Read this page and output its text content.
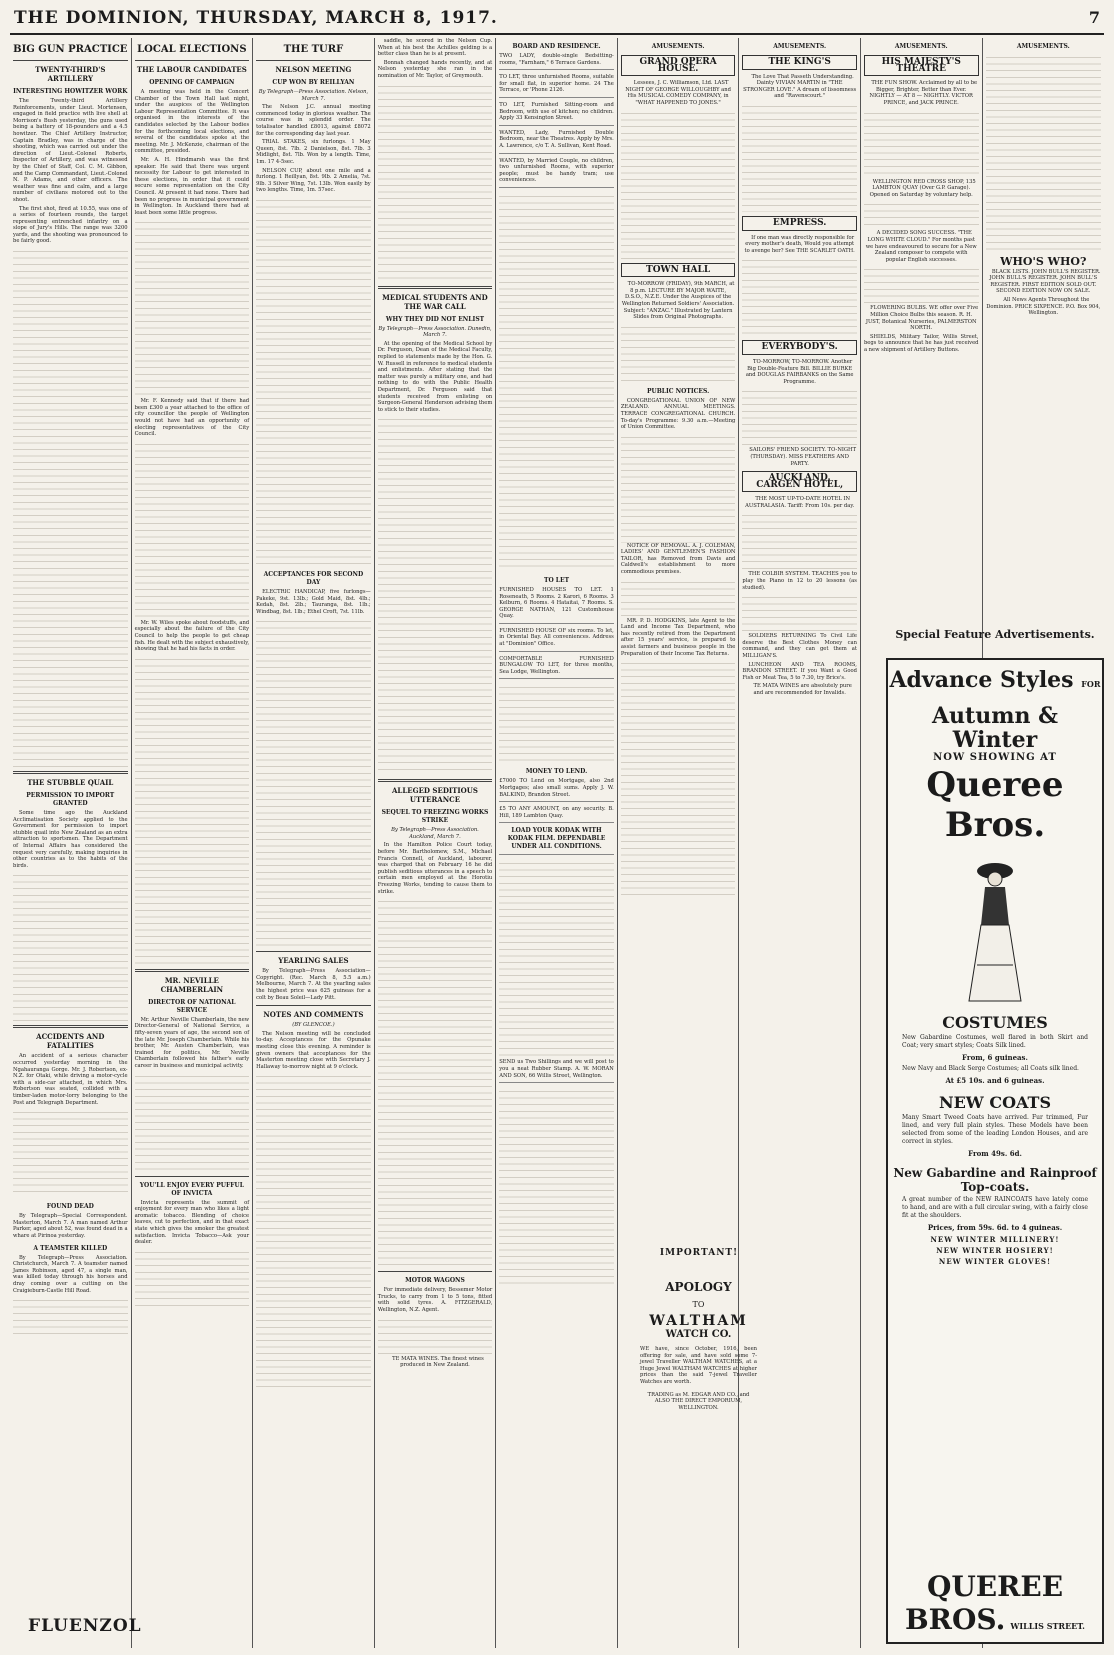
THE DOMINION, THURSDAY, MARCH 8, 1917.	7
BIG GUN PRACTICE
TWENTY-THIRD'S ARTILLERY
INTERESTING HOWITZER WORK

The Twenty-third Artillery Reinforcements, under Lieut. Mortensen, engaged in field practice with live shell at Morrison's Bush yesterday, the guns used being a battery of 18-pounders and a 4.5 howitzer. The Chief Artillery Instructor, Captain Bradley, was in charge of the shooting, which was carried out under the direction of Lieut.-Colonel Roberts, Inspector of Artillery, and was witnessed by the Chief of Staff, Col. C. M. Gibbon, and the Camp Commandant, Lieut.-Colonel N. P. Adams, and other officers. The weather was fine and calm, and a large number of civilians motored out to the shoot.

The first shot, fired at 10.55, was one of a series of fourteen rounds, the target representing entrenched infantry on a slope of Jury's Hills. The range was 3200 yards, and the shooting was pronounced to be fairly good.

THE STUBBLE QUAIL
PERMISSION TO IMPORT GRANTED

Some time ago the Auckland Acclimatisation Society applied to the Government for permission to import stubble quail into New Zealand as an extra attraction to sportsmen. The Department of Internal Affairs has considered the request very carefully, making inquiries in other countries as to the habits of the birds.

ACCIDENTS AND FATALITIES

An accident of a serious character occurred yesterday morning in the Ngahauranga Gorge. Mr. J. Robertson, ex-N.Z. for Otaki, while driving a motor-cycle with a side-car attached, in which Mrs. Robertson was seated, collided with a timber-laden motor-lorry belonging to the Post and Telegraph Department.

FOUND DEAD

By Telegraph—Special Correspondent. Masterton, March 7. A man named Arthur Parker, aged about 52, was found dead in a whare at Pirinoa yesterday.

A TEAMSTER KILLED

By Telegraph—Press Association. Christchurch, March 7. A teamster named James Robinson, aged 47, a single man, was killed today through his horses and dray coming over a cutting on the Craigieburn-Castle Hill Road.

LOCAL ELECTIONS
THE LABOUR CANDIDATES
OPENING OF CAMPAIGN

A meeting was held in the Concert Chamber of the Town Hall last night, under the auspices of the Wellington Labour Representation Committee. It was organised in the interests of the candidates selected by the Labour bodies for the forthcoming local elections, and several of the candidates spoke at the meeting. Mr. J. McKenzie, chairman of the committee, presided.

Mr. A. H. Hindmarsh was the first speaker. He said that there was urgent necessity for Labour to get interested in these elections, in order that it could secure some representation on the City Council. At present it had none. There had been no progress in municipal government in Wellington. In Auckland there had at least been some little progress.

Mr. F. Kennedy said that if there had been £300 a year attached to the office of city councillor the people of Wellington would not have had an opportunity of electing representatives of the City Council.

Mr. W. Wiles spoke about foodstuffs, and especially about the failure of the City Council to help the people to get cheap fish. He dealt with the subject exhaustively, showing that he had his facts in order.

MR. NEVILLE CHAMBERLAIN
DIRECTOR OF NATIONAL SERVICE

Mr. Arthur Neville Chamberlain, the new Director-General of National Service, a fifty-seven years of age, the second son of the late Mr. Joseph Chamberlain. While his brother, Mr. Austen Chamberlain, was trained for politics, Mr. Neville Chamberlain followed his father's early career in business and municipal activity.

YOU'LL ENJOY EVERY PUFFUL OF INVICTA

Invicta represents the summit of enjoyment for every man who likes a light aromatic tobacco. Blending of choice leaves, cut to perfection, and in that exact state which gives the smoker the greatest satisfaction. Invicta Tobacco—Ask your dealer.

THE TURF
NELSON MEETING
CUP WON BY REILLYAN

By Telegraph—Press Association. Nelson, March 7.

The Nelson J.C. annual meeting commenced today in glorious weather. The course was in splendid order. The totalisator handled £8013, against £8072 for the corresponding day last year.

TRIAL STAKES, six furlongs. 1 May Queen, 8st. 7lb. 2 Danielson, 8st. 7lb. 3 Midlight, 8st. 7lb. Won by a length. Time, 1m. 17 4-5sec.

NELSON CUP, about one mile and a furlong. 1 Reillyan, 8st. 9lb. 2 Amelia, 7st. 9lb. 3 Silver Wing, 7st. 13lb. Won easily by two lengths. Time, 1m. 57sec.

ACCEPTANCES FOR SECOND DAY

ELECTRIC HANDICAP, five furlongs—Pakeke, 9st. 13lb.; Gold Maid, 8st. 4lb.; Kedah, 8st. 2lb.; Tauranga, 8st. 1lb.; Windbag, 8st. 1lb.; Ethel Croft, 7st. 11lb.

YEARLING SALES

By Telegraph—Press Association—Copyright. (Rec. March 8, 5.5 a.m.) Melbourne, March 7. At the yearling sales the highest price was 625 guineas for a colt by Beau Soleil—Lady Pitt.

NOTES AND COMMENTS

(BY GLENCOE.)

The Nelson meeting will be concluded to-day. Acceptances for the Opunake meeting close this evening. A reminder is given owners that acceptances for the Masterton meeting close with Secretary J. Hallaway to-morrow night at 9 o'clock.

saddle, he scored in the Nelson Cup. When at his best the Achilles gelding is a better class than he is at present.

Bonnah changed hands recently, and at Nelson yesterday she ran in the nomination of Mr. Taylor, of Greymouth.

MEDICAL STUDENTS AND THE WAR CALL
WHY THEY DID NOT ENLIST

By Telegraph—Press Association. Dunedin, March 7.

At the opening of the Medical School by Dr. Ferguson, Dean of the Medical Faculty, replied to statements made by the Hon. G. W. Russell in reference to medical students and enlistments. After stating that the matter was purely a military one, and had nothing to do with the Public Health Department, Dr. Ferguson said that students received from enlisting on Surgeon-General Henderson advising them to stick to their studies.

ALLEGED SEDITIOUS UTTERANCE
SEQUEL TO FREEZING WORKS STRIKE

By Telegraph—Press Association. Auckland, March 7.

In the Hamilton Police Court today, before Mr. Bartholomew, S.M., Michael Francis Connell, of Auckland, labourer, was charged that on February 16 he did publish seditious utterances in a speech to certain men employed at the Horotiu Freezing Works, tending to cause them to strike.

MOTOR WAGONS

For immediate delivery, Bessemer Motor Trucks, to carry from 1 to 5 tons, fitted with solid tyres. A. FITZGERALD, Wellington, N.Z. Agent.

TE MATA WINES. The finest wines produced in New Zealand.

BOARD AND RESIDENCE.
TWO LADY, double-single Bedsitting-rooms, "Farnham," 6 Terrace Gardens.
TO LET, three unfurnished Rooms, suitable for small flat, in superior home. 24 The Terrace, or 'Phone 2126.
TO LET, Furnished Sitting-room and Bedroom, with use of kitchen; no children. Apply 33 Kensington Street.
WANTED, Lady, Furnished Double Bedroom, near the Theatres. Apply by Mrs. A. Lawrence, c/o T. A. Sullivan, Kent Road.
WANTED, by Married Couple, no children, two unfurnished Rooms, with superior people; must be handy tram; use conveniences.
TO LET
FURNISHED HOUSES TO LET. 1 Roseneath, 5 Rooms. 2 Karori, 6 Rooms. 3 Kelburn, 6 Rooms. 4 Hataitai, 7 Rooms. S. GEORGE NATHAN, 121 Customhouse Quay.
FURNISHED HOUSE OF six rooms. To let, in Oriental Bay. All conveniences. Address at "Dominion" Office.
COMFORTABLE FURNISHED BUNGALOW TO LET, for three months, Sea Lodge, Wellington.
MONEY TO LEND.
£7000 TO Lend on Mortgage, also 2nd Mortgages; also small sums. Apply J. W. BALKIND, Brandon Street.
£5 TO ANY AMOUNT, on any security. B. Hill, 189 Lambton Quay.
LOAD YOUR KODAK WITH KODAK FILM. DEPENDABLE UNDER ALL CONDITIONS.
SEND us Two Shillings and we will post to you a neat Rubber Stamp. A. W. MORAN AND SON, 66 Willis Street, Wellington.
AMUSEMENTS.
GRAND OPERA HOUSE.

Lessees, J. C. Williamson, Ltd. LAST NIGHT OF GEORGE WILLOUGHBY and His MUSICAL COMEDY COMPANY, in "WHAT HAPPENED TO JONES."

TOWN HALL

TO-MORROW (FRIDAY), 9th MARCH, at 8 p.m. LECTURE BY MAJOR WAITE, D.S.O., N.Z.E. Under the Auspices of the Wellington Returned Soldiers' Association. Subject: "ANZAC." Illustrated by Lantern Slides from Original Photographs.

PUBLIC NOTICES.

CONGREGATIONAL UNION OF NEW ZEALAND. ANNUAL MEETINGS. TERRACE CONGREGATIONAL CHURCH. To-day's Programme: 9.30 a.m.—Meeting of Union Committee.

NOTICE OF REMOVAL. A. J. COLEMAN, LADIES' AND GENTLEMEN'S FASHION TAILOR, has Removed from Davis and Caldwell's establishment to more commodious premises.

MR. P. D. HODGKINS, late Agent to the Land and Income Tax Department, who has recently retired from the Department after 15 years' service, is prepared to assist farmers and business people in the Preparation of their Income Tax Returns.

AMUSEMENTS.
THE KING'S

The Love That Passeth Understanding. Dainty VIVIAN MARTIN in "THE STRONGER LOVE." A dream of lissomness and "Ravenscourt."

EMPRESS.

If one man was directly responsible for every mother's death, Would you attempt to avenge her? See THE SCARLET OATH.

EVERYBODY'S.

TO-MORROW, TO-MORROW. Another Big Double-Feature Bill. BILLIE BURKE and DOUGLAS FAIRBANKS on the Same Programme.

SAILORS' FRIEND SOCIETY. TO-NIGHT (THURSDAY). MISS FEATHERS AND PARTY.

AUCKLAND. CARGEN HOTEL,

THE MOST UP-TO-DATE HOTEL IN AUSTRALASIA. Tariff: From 10s. per day.

THE COLBIR SYSTEM. TEACHES you to play the Piano in 12 to 20 lessons (as studied).

SOLDIERS RETURNING To Civil Life deserve the Best Clothes Money can command, and they can get them at MILLIGAN'S.

LUNCHEON AND TEA ROOMS, BRANDON STREET. If you Want a Good Fish or Meat Tea, 5 to 7.30, try Brice's.

TE MATA WINES are absolutely pure and are recommended for Invalids.

AMUSEMENTS.
HIS MAJESTY'S THEATRE

THE FUN SHOW. Acclaimed by all to be Bigger, Brighter, Better than Ever. NIGHTLY — AT 8 — NIGHTLY. VICTOR PRINCE, and JACK PRINCE.

WELLINGTON RED CROSS SHOP, 135 LAMBTON QUAY (Over G.P. Garage). Opened on Saturday by voluntary help.

A DECIDED SONG SUCCESS. "THE LONG WHITE CLOUD." For months past we have endeavoured to secure for a New Zealand composer to compete with popular English successes.

FLOWERING BULBS. WE offer over Five Million Choice Bulbs this season. R. H. JUST, Botanical Nurseries, PALMERSTON NORTH.

SHIELDS, Military Tailor, Willis Street, begs to announce that he has just received a new shipment of Artillery Buttons.

AMUSEMENTS.
WHO'S WHO?

BLACK LISTS. JOHN BULL'S REGISTER. JOHN BULL'S REGISTER. JOHN BULL'S REGISTER. FIRST EDITION SOLD OUT. SECOND EDITION NOW ON SALE.

All News Agents Throughout the Dominion. PRICE SIXPENCE. P.O. Box 904, Wellington.

IMPORTANT!
APOLOGY
TO
WALTHAM
WATCH CO.

WE have, since October, 1916, been offering for sale, and have sold some 7-jewel Traveller WALTHAM WATCHES, at a Huge Jewel WALTHAM WATCHES at higher prices than the said 7-jewel Traveller Watches are worth.

TRADING as M. EDGAR AND CO., and ALSO THE DIRECT EMPORIUM, WELLINGTON.

FLUENZOL
Special Feature Advertisements.
Advance Styles FOR
Autumn & Winter
NOW SHOWING AT
Queree Bros.
COSTUMES
New Gabardine Costumes, well flared in both Skirt and Coat; very smart styles; Coats Silk lined.
From, 6 guineas.
New Navy and Black Serge Costumes; all Coats silk lined.
At £5 10s. and 6 guineas.
NEW COATS
Many Smart Tweed Coats have arrived. Fur trimmed, Fur lined, and very full plain styles. These Models have been selected from some of the leading London Houses, and are correct in styles.
From 49s. 6d.
New Gabardine and Rainproof Top-coats.
A great number of the NEW RAINCOATS have lately come to hand, and are with a full circular swing, with a fairly close fit at the shoulders.
Prices, from 59s. 6d. to 4 guineas.
NEW WINTER MILLINERY!
NEW WINTER HOSIERY!
NEW WINTER GLOVES!
QUEREE BROS. WILLIS STREET.
